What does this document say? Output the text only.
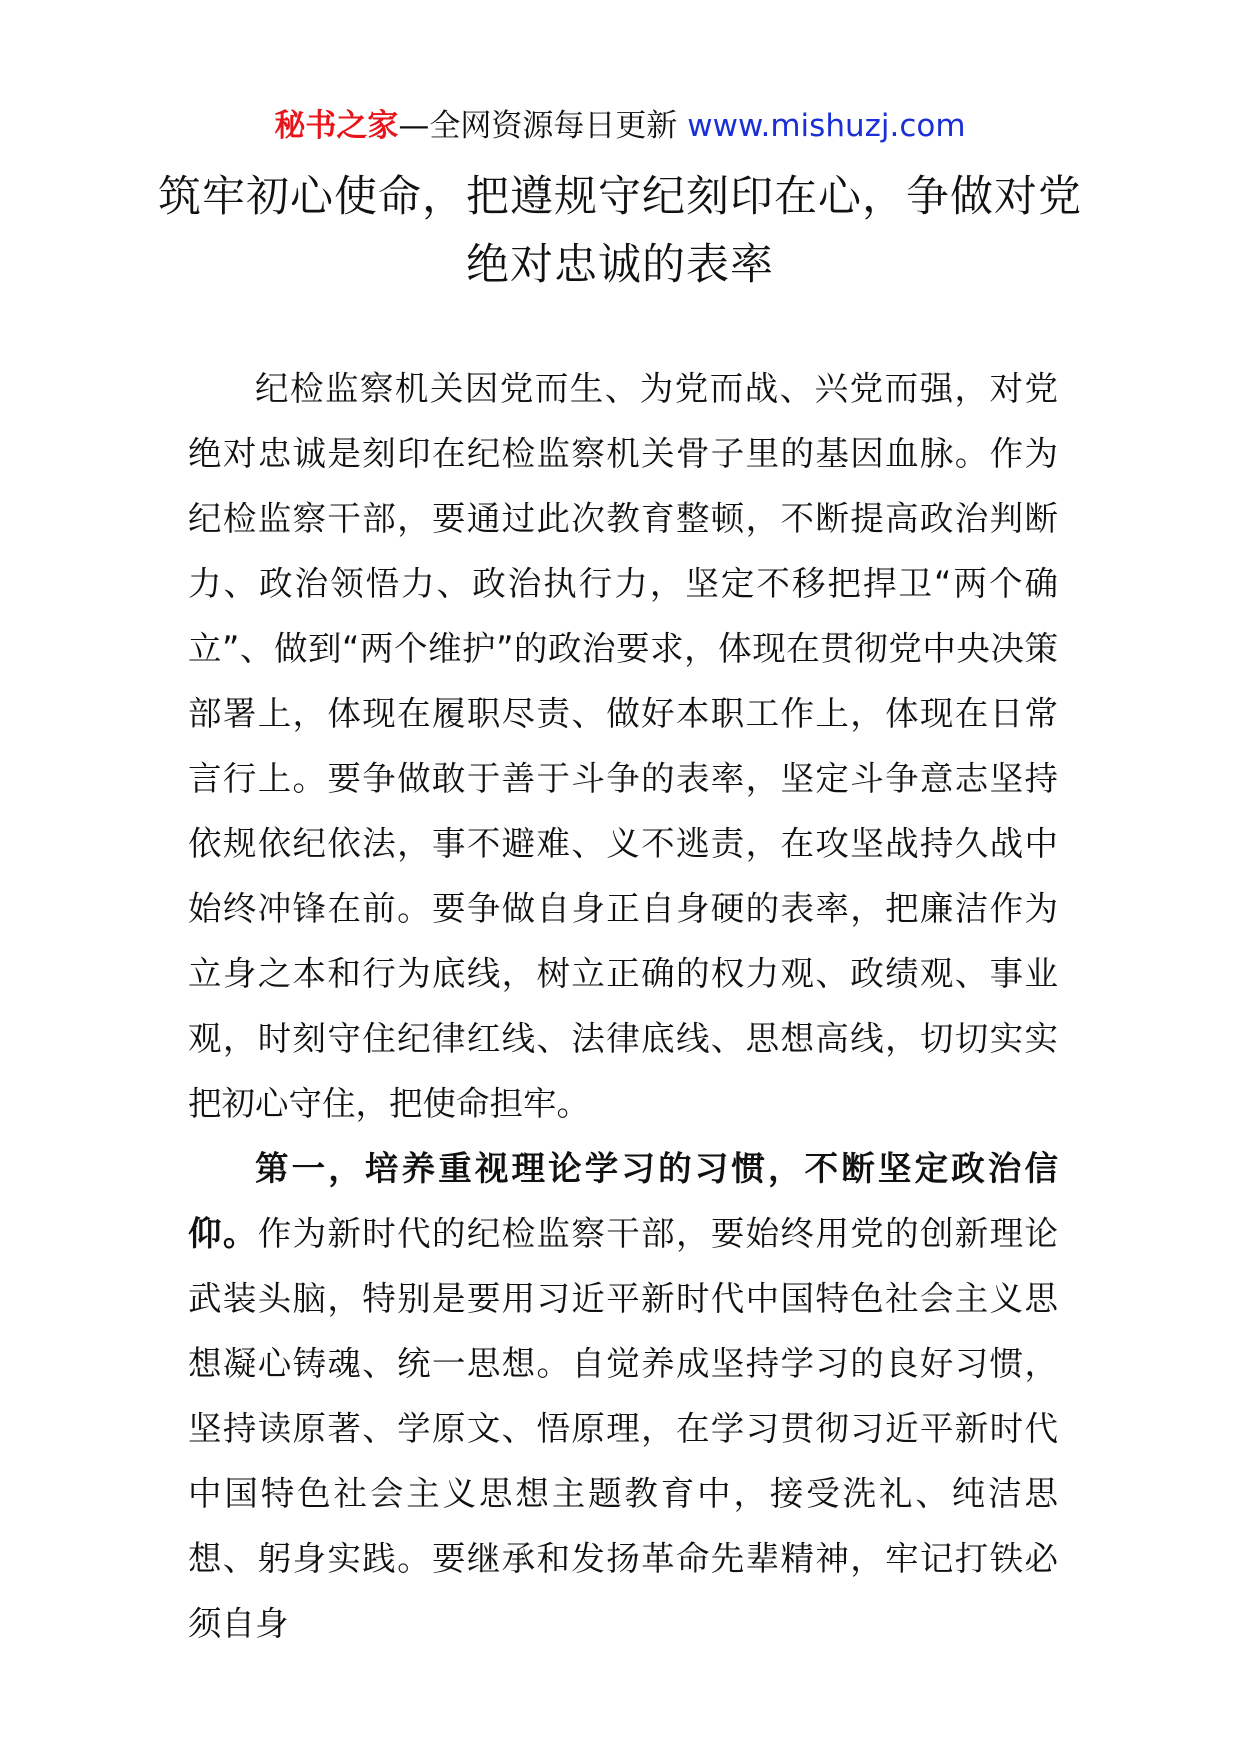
秘书之家—全网资源每日更新 www.mishuzj.com
筑牢初心使命，把遵规守纪刻印在心，争做对党绝对忠诚的表率

纪检监察机关因党而生、为党而战、兴党而强，对党绝对忠诚是刻印在纪检监察机关骨子里的基因血脉。作为纪检监察干部，要通过此次教育整顿，不断提高政治判断力、政治领悟力、政治执行力，坚定不移把捍卫“两个确立”、做到“两个维护”的政治要求，体现在贯彻党中央决策部署上，体现在履职尽责、做好本职工作上，体现在日常言行上。要争做敢于善于斗争的表率，坚定斗争意志坚持依规依纪依法，事不避难、义不逃责，在攻坚战持久战中始终冲锋在前。要争做自身正自身硬的表率，把廉洁作为立身之本和行为底线，树立正确的权力观、政绩观、事业观，时刻守住纪律红线、法律底线、思想高线，切切实实把初心守住，把使命担牢。

第一，培养重视理论学习的习惯，不断坚定政治信仰。作为新时代的纪检监察干部，要始终用党的创新理论武装头脑，特别是要用习近平新时代中国特色社会主义思想凝心铸魂、统一思想。自觉养成坚持学习的良好习惯，坚持读原著、学原文、悟原理，在学习贯彻习近平新时代中国特色社会主义思想主题教育中，接受洗礼、纯洁思想、躬身实践。要继承和发扬革命先辈精神，牢记打铁必须自身
